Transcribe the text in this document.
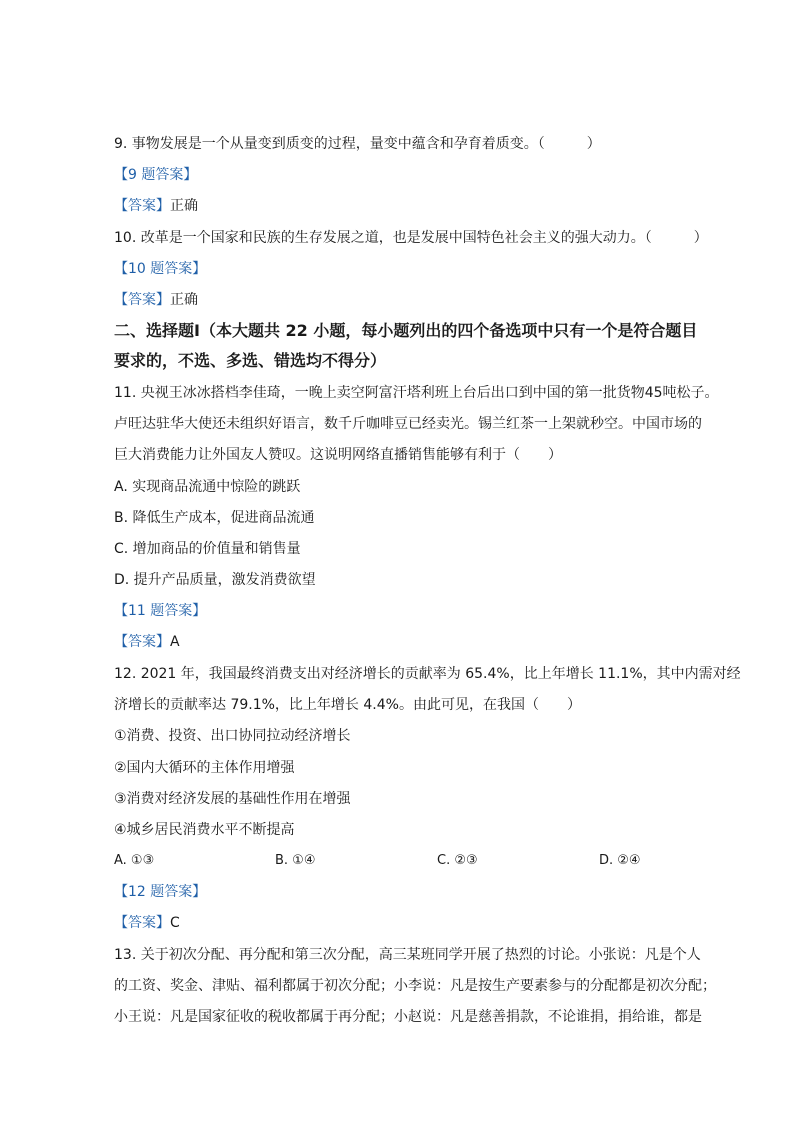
9. 事物发展是一个从量变到质变的过程，量变中蕴含和孕育着质变。（　　　）
【9 题答案】
【答案】正确
10. 改革是一个国家和民族的生存发展之道，也是发展中国特色社会主义的强大动力。（　　　）
【10 题答案】
【答案】正确
二、选择题Ⅰ（本大题共 22 小题，每小题列出的四个备选项中只有一个是符合题目
要求的，不选、多选、错选均不得分）
11. 央视王冰冰搭档李佳琦，一晚上卖空阿富汗塔利班上台后出口到中国的第一批货物45吨松子。
卢旺达驻华大使还未组织好语言，数千斤咖啡豆已经卖光。锡兰红茶一上架就秒空。中国市场的
巨大消费能力让外国友人赞叹。这说明网络直播销售能够有利于（　　）
A. 实现商品流通中惊险的跳跃
B. 降低生产成本，促进商品流通
C. 增加商品的价值量和销售量
D. 提升产品质量，激发消费欲望
【11 题答案】
【答案】A
12. 2021 年，我国最终消费支出对经济增长的贡献率为 65.4%，比上年增长 11.1%，其中内需对经
济增长的贡献率达 79.1%，比上年增长 4.4%。由此可见，在我国（　　）
①消费、投资、出口协同拉动经济增长
②国内大循环的主体作用增强
③消费对经济发展的基础性作用在增强
④城乡居民消费水平不断提高
A. ①③	B. ①④	C. ②③	D. ②④
【12 题答案】
【答案】C
13. 关于初次分配、再分配和第三次分配，高三某班同学开展了热烈的讨论。小张说：凡是个人
的工资、奖金、津贴、福利都属于初次分配；小李说：凡是按生产要素参与的分配都是初次分配；
小王说：凡是国家征收的税收都属于再分配；小赵说：凡是慈善捐款，不论谁捐，捐给谁，都是
